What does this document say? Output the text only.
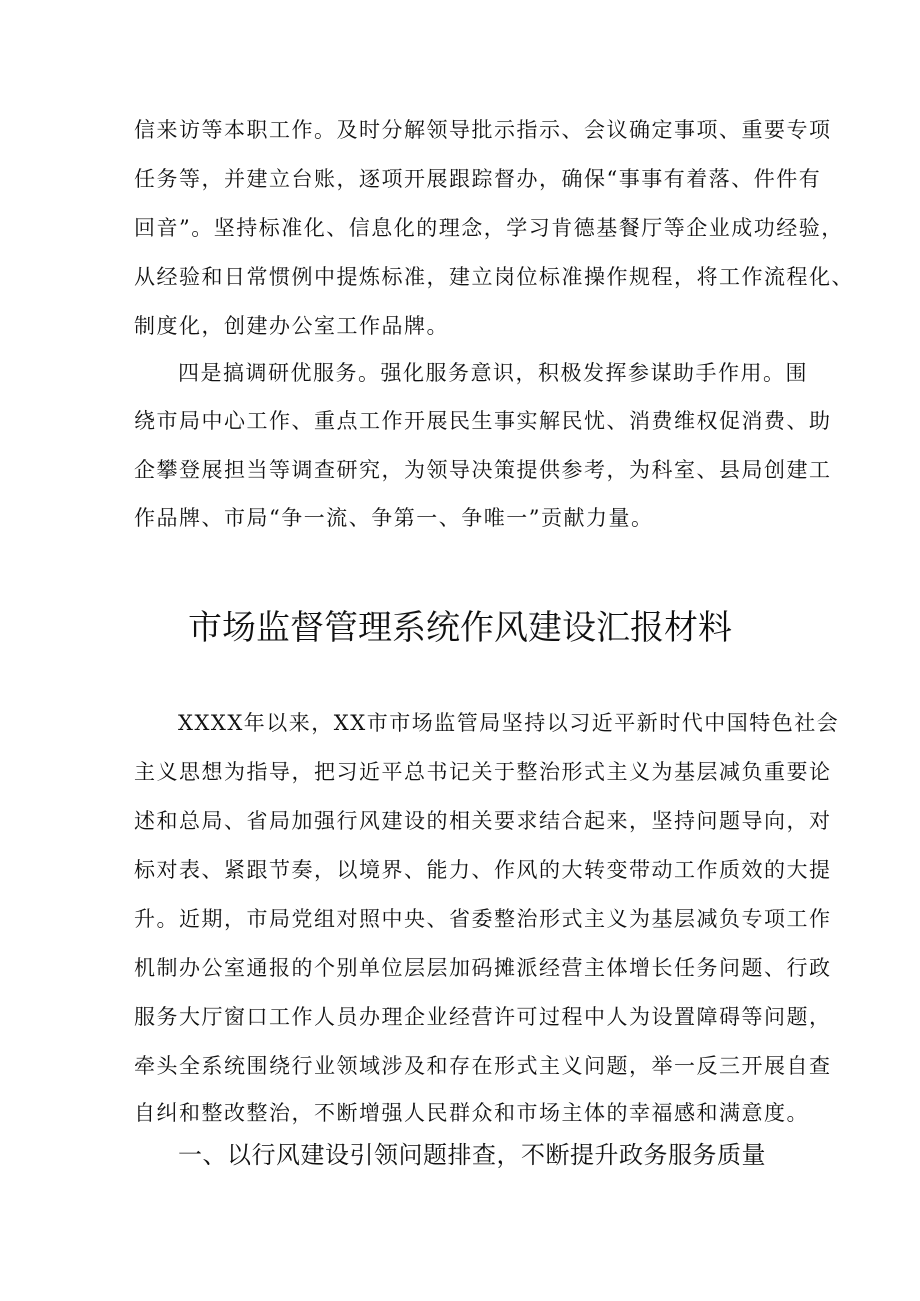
信来访等本职工作。及时分解领导批示指示、会议确定事项、重要专项
任务等，并建立台账，逐项开展跟踪督办，确保“事事有着落、件件有
回音”。坚持标准化、信息化的理念，学习肯德基餐厅等企业成功经验，
从经验和日常惯例中提炼标准，建立岗位标准操作规程，将工作流程化、
制度化，创建办公室工作品牌。
四是搞调研优服务。强化服务意识，积极发挥参谋助手作用。围
绕市局中心工作、重点工作开展民生事实解民忧、消费维权促消费、助
企攀登展担当等调查研究，为领导决策提供参考，为科室、县局创建工
作品牌、市局“争一流、争第一、争唯一”贡献力量。
市场监督管理系统作风建设汇报材料
XXXX年以来，XX市市场监管局坚持以习近平新时代中国特色社会
主义思想为指导，把习近平总书记关于整治形式主义为基层减负重要论
述和总局、省局加强行风建设的相关要求结合起来，坚持问题导向，对
标对表、紧跟节奏，以境界、能力、作风的大转变带动工作质效的大提
升。近期，市局党组对照中央、省委整治形式主义为基层减负专项工作
机制办公室通报的个别单位层层加码摊派经营主体增长任务问题、行政
服务大厅窗口工作人员办理企业经营许可过程中人为设置障碍等问题，
牵头全系统围绕行业领域涉及和存在形式主义问题，举一反三开展自查
自纠和整改整治，不断增强人民群众和市场主体的幸福感和满意度。
一、以行风建设引领问题排查，不断提升政务服务质量
